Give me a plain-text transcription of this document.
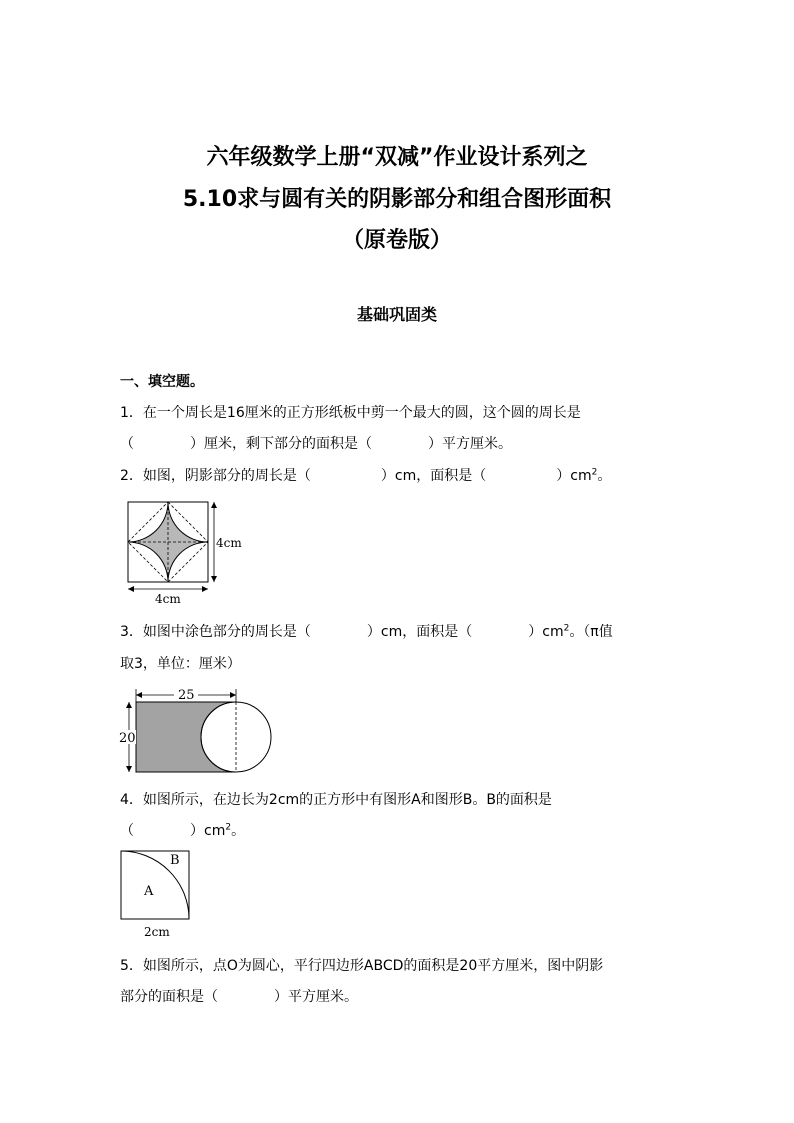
六年级数学上册“双减”作业设计系列之
5.10求与圆有关的阴影部分和组合图形面积
（原卷版）
基础巩固类
一、填空题。
1．在一个周长是16厘米的正方形纸板中剪一个最大的圆，这个圆的周长是
（　　　　）厘米，剩下部分的面积是（　　　　）平方厘米。
2．如图，阴影部分的周长是（　　　　　）cm，面积是（　　　　　）$cm^2$。
4cm
4cm
3．如图中涂色部分的周长是（　　　　）cm，面积是（　　　　）$cm^2$。（π值
取3，单位：厘米）
25
20
4．如图所示，在边长为2cm的正方形中有图形A和图形B。B的面积是
（　　　　）$cm^2$。
B
A
2cm
5．如图所示，点O为圆心，平行四边形ABCD的面积是20平方厘米，图中阴影
部分的面积是（　　　　）平方厘米。
